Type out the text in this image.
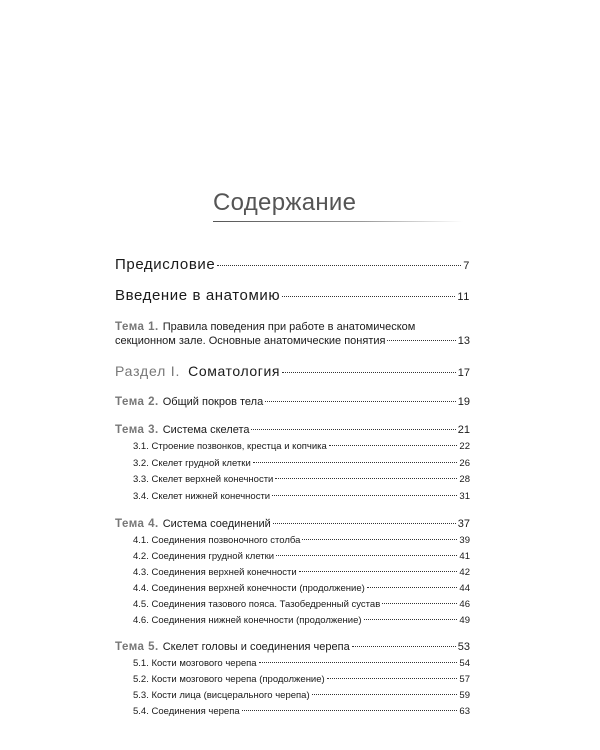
Содержание
Предисловие	7
Введение в анатомию	11
Тема 1. Правила поведения при работе в анатомическом
секционном зале. Основные анатомические понятия	13
Раздел I. Соматология	17
Тема 2. Общий покров тела	19
Тема 3. Система скелета	21
3.1. Строение позвонков, крестца и копчика	22
3.2. Скелет грудной клетки	26
3.3. Скелет верхней конечности	28
3.4. Скелет нижней конечности	31
Тема 4. Система соединений	37
4.1. Соединения позвоночного столба	39
4.2. Соединения грудной клетки	41
4.3. Соединения верхней конечности	42
4.4. Соединения верхней конечности (продолжение)	44
4.5. Соединения тазового пояса. Тазобедренный сустав	46
4.6. Соединения нижней конечности (продолжение)	49
Тема 5. Скелет головы и соединения черепа	53
5.1. Кости мозгового черепа	54
5.2. Кости мозгового черепа (продолжение)	57
5.3. Кости лица (висцерального черепа)	59
5.4. Соединения черепа	63
